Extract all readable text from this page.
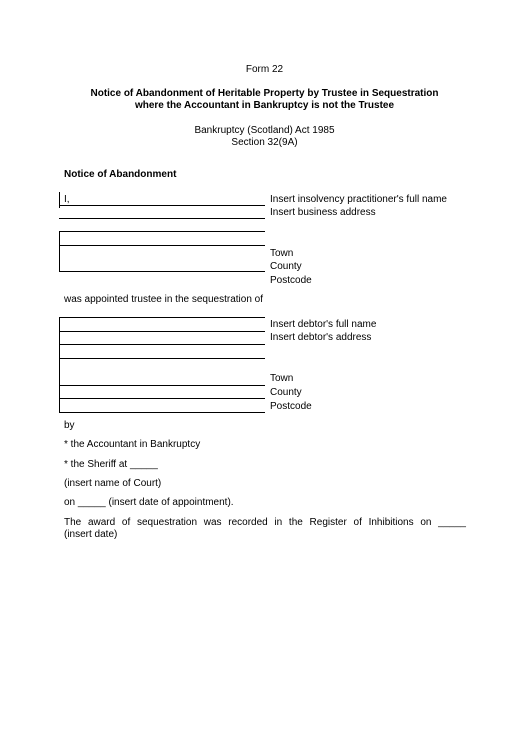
Form 22
Notice of Abandonment of Heritable Property by Trustee in Sequestration
where the Accountant in Bankruptcy is not the Trustee
Bankruptcy (Scotland) Act 1985
Section 32(9A)
Notice of Abandonment
I,	Insert insolvency practitioner's full name
Insert business address
Town
County
Postcode
was appointed trustee in the sequestration of
Insert debtor's full name
Insert debtor's address
Town
County
Postcode
by
* the Accountant in Bankruptcy
* the Sheriff at _____
(insert name of Court)
on _____ (insert date of appointment).
The award of sequestration was recorded in the Register of Inhibitions on _____
(insert date)
